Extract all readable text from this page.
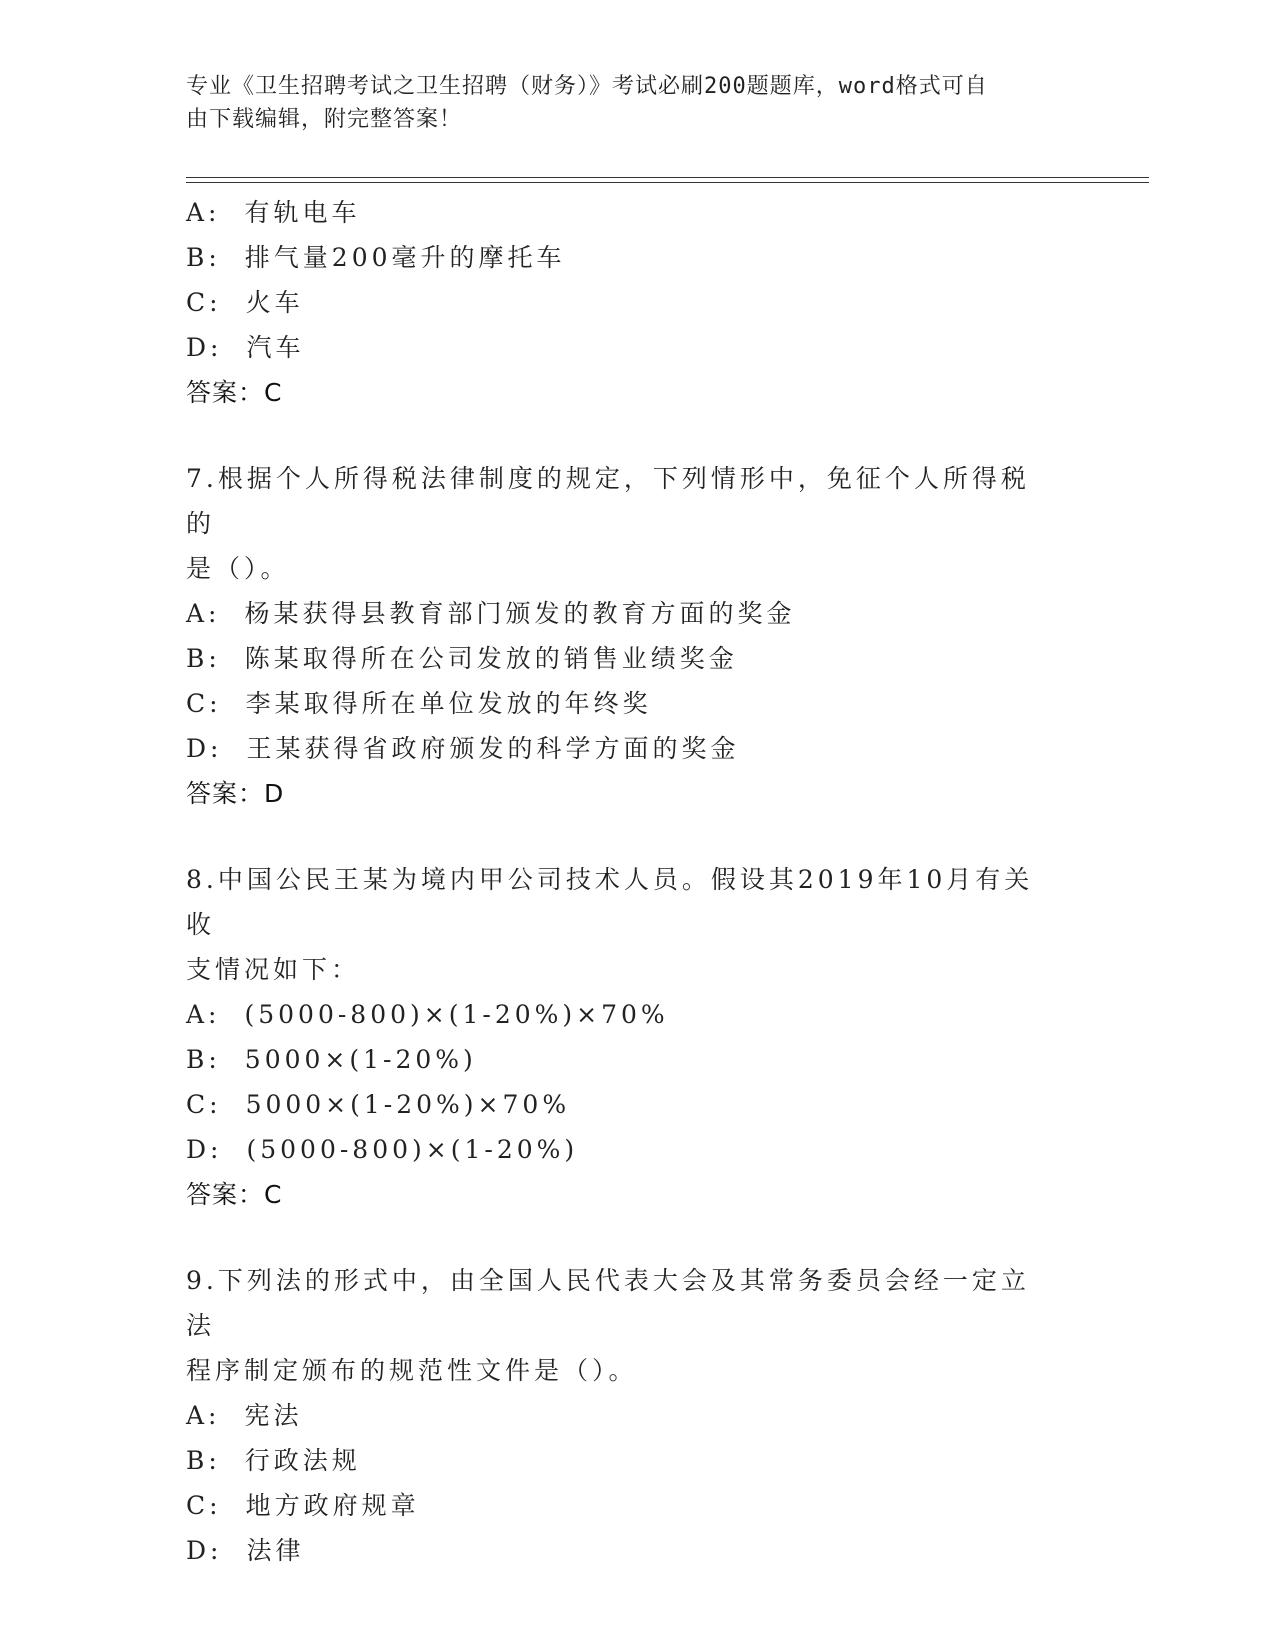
专业《卫生招聘考试之卫生招聘（财务）》考试必刷200题题库，word格式可自
由下载编辑，附完整答案！
A: 有轨电车
B: 排气量200毫升的摩托车
C: 火车
D: 汽车
答案：C
7.根据个人所得税法律制度的规定，下列情形中，免征个人所得税的
是（）。
A: 杨某获得县教育部门颁发的教育方面的奖金
B: 陈某取得所在公司发放的销售业绩奖金
C: 李某取得所在单位发放的年终奖
D: 王某获得省政府颁发的科学方面的奖金
答案：D
8.中国公民王某为境内甲公司技术人员。假设其2019年10月有关收
支情况如下：
A: (5000-800)×(1-20%)×70%
B: 5000×(1-20%)
C: 5000×(1-20%)×70%
D: (5000-800)×(1-20%)
答案：C
9.下列法的形式中，由全国人民代表大会及其常务委员会经一定立法
程序制定颁布的规范性文件是（）。
A: 宪法
B: 行政法规
C: 地方政府规章
D: 法律
